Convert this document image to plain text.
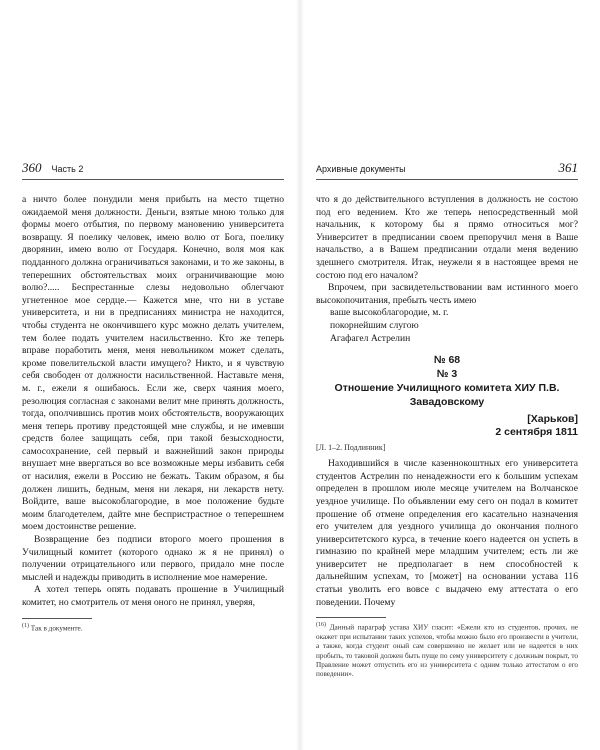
360 Часть 2

а ничто более понудили меня прибыть на место тщетно ожидаемой меня должности. Деньги, взятые мною только для формы моего отбытия, по первому мановению университета возвращу. Я поелику человек, имею волю от Бога, поелику дворянин, имею волю от Государя. Конечно, воля моя как подданного должна ограничиваться законами, и то же законы, в теперешних обстоятельствах моих ограничивающие мою волю?..... Беспрестанные слезы недовольно облегчают угнетенное мое сердце.— Кажется мне, что ни в уставе университета, и ни в предписаниях министра не находится, чтобы студента не окончившего курс можно делать учителем, тем более подать учителем насильственно. Кто же теперь вправе поработить меня, меня невольником может сделать, кроме повелительской власти имущего? Никто, и я чувствую себя свободен от должности насильственной. Наставьте меня, м. г., ежели я ошибаюсь. Если же, сверх чаяния моего, резолюция согласная с законами велит мне принять должность, тогда, ополчившись против моих обстоятельств, вооружающих меня теперь противу предстоящей мне службы, и не имевши средств более защищать себя, при такой безысходности, самосохранение, сей первый и важнейший закон природы внушает мне ввергаться во все возможные меры избавить себя от насилия, ежели в Россию не бежать. Таким образом, я бы должен лишить, бедным, меня ни лекаря, ни лекарств нету. Войдите, ваше высокоблагородие, в мое положение будьте моим благодетелем, дайте мне беспристрастное о теперешнем моем достоинстве решение.

Возвращение без подписи второго моего прошения в Училищный комитет (которого однако ж я не принял) о получении отрицательного или первого, придало мне после мыслей и надежды приводить в исполнение мое намерение.

А хотел теперь опять подавать прошение в Училищный комитет, но смотритель от меня оного не принял, уверяя,

$^{(1)}$ Так в документе.
Архивные документы	361

что я до действительного вступления в должность не состою под его ведением. Кто же теперь непосредственный мой начальник, к которому бы я прямо относиться мог? Университет в предписании своем препоручил меня в Ваше начальство, а в Вашем предписании отдали меня ведению здешнего смотрителя. Итак, неужели я в настоящее время не состою под его началом?

Впрочем, при засвидетельствовании вам истинного моего высокопочитания, пребыть честь имею

ваше высокоблагородие, м. г.
покорнейшим слугою
Агафагел Астрелин
№ 68
№ 3
Отношение Училищного комитета ХИУ П.В. Завадовскому
[Харьков]
2 сентября 1811
[Л. 1–2. Подлинник]

Находившийся в числе казеннокоштных его университета студентов Астрелин по ненадежности его к большим успехам определен в прошлом июле месяце учителем на Волчанское уездное училище. По объявлении ему сего он подал в комитет прошение об отмене определения его касательно назначения его учителем для уездного училища до окончания полного университетского курса, в течение коего надеется он успеть в гимназию по крайней мере младшим учителем; есть ли же университет не предполагает в нем способностей к дальнейшим успехам, то [может] на основании устава 116 статьи уволить его вовсе с выдачею ему аттестата о его поведении. Почему

$^{(16)}$ Данный параграф устава ХИУ гласит: «Ежели кто из студентов, прочих, не окажет при испытании таких успехов, чтобы можно было его произвести в учители, а также, когда студент оный сам совершенно не желает или не надеется в них пробыть, то таковой должен быть пуще по сему университету с должным покрыт, то Правление может отпустить его из университета с одним только аттестатом о его поведении».
